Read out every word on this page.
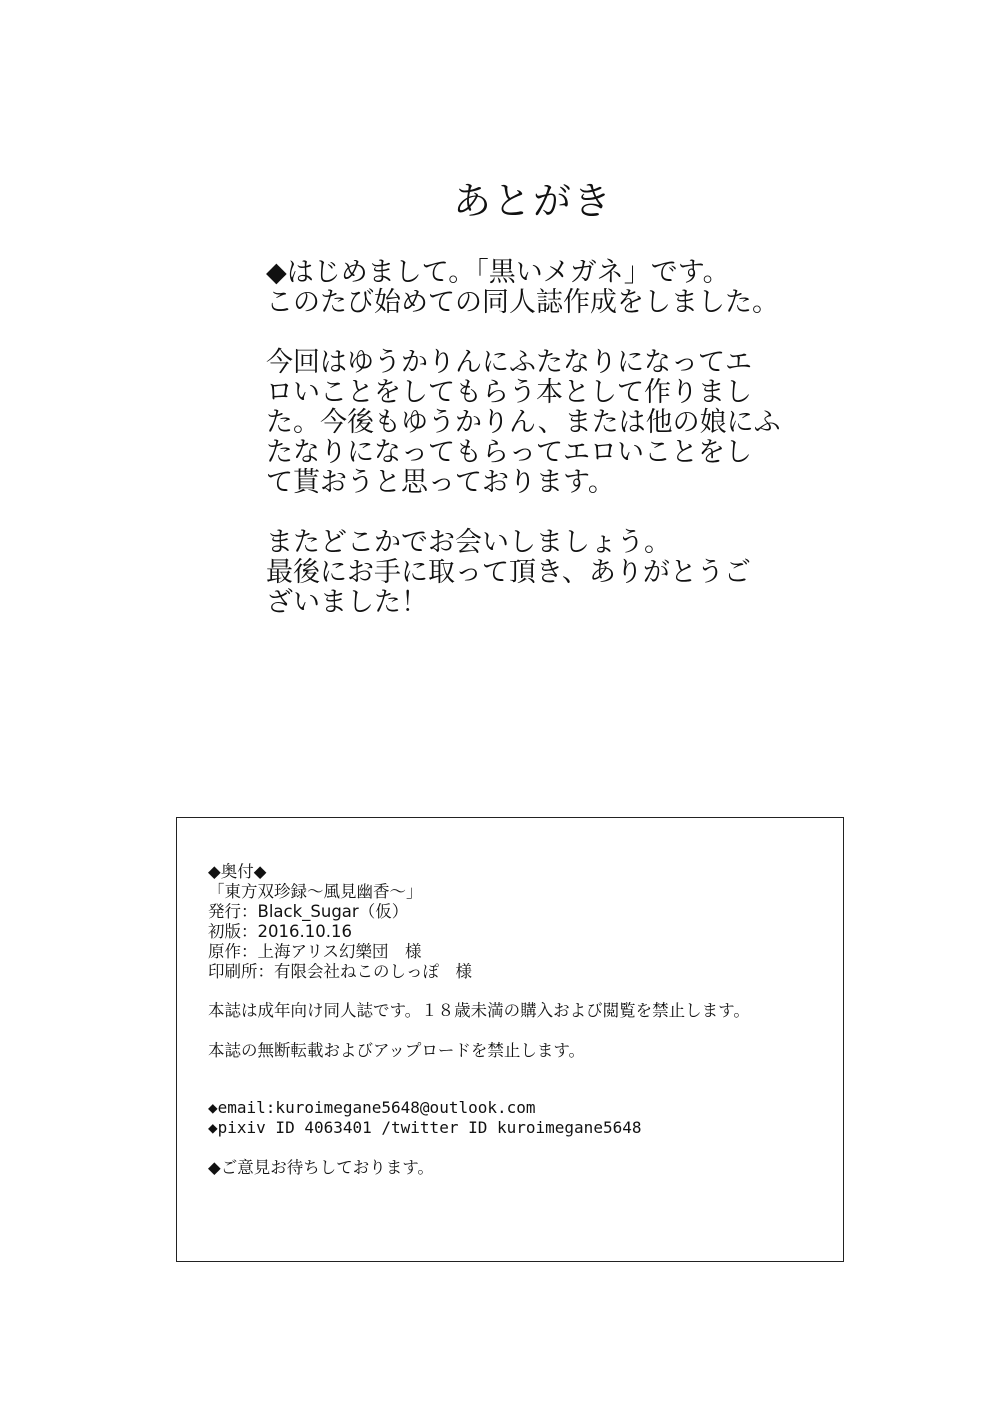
あとがき

◆はじめまして。「黒いメガネ」です。
このたび始めての同人誌作成をしました。

今回はゆうかりんにふたなりになってエ
ロいことをしてもらう本として作りまし
た。今後もゆうかりん、または他の娘にふ
たなりになってもらってエロいことをし
て貰おうと思っております。

またどこかでお会いしましょう。
最後にお手に取って頂き、ありがとうご
ざいました！

◆奥付◆
「東方双珍録～風見幽香～」
発行：Black_Sugar（仮）
初版：2016.10.16
原作：上海アリス幻樂団　様
印刷所：有限会社ねこのしっぽ　様
本誌は成年向け同人誌です。１８歳未満の購入および閲覧を禁止します。
本誌の無断転載およびアップロードを禁止します。
◆email:kuroimegane5648@outlook.com
◆pixiv ID 4063401 /twitter ID kuroimegane5648
◆ご意見お待ちしております。
